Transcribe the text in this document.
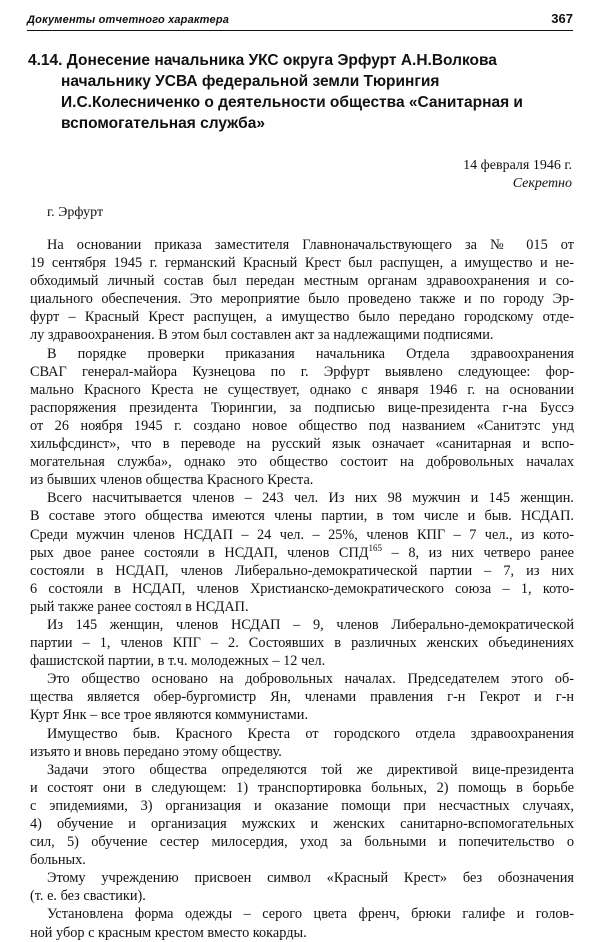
Документы отчетного характера	367
4.14. Донесение начальника УКС округа Эрфурт А.Н.Волкова
начальнику УСВА федеральной земли Тюрингия
И.С.Колесниченко о деятельности общества «Санитарная и
вспомогательная служба»
14 февраля 1946 г.
Секретно
г. Эрфурт
На основании приказа заместителя Главноначальствующего за № 015 от
19 сентября 1945 г. германский Красный Крест был распущен, а имущество и не-
обходимый личный состав был передан местным органам здравоохранения и со-
циального обеспечения. Это мероприятие было проведено также и по городу Эр-
фурт – Красный Крест распущен, а имущество было передано городскому отде-
лу здравоохранения. В этом был составлен акт за надлежащими подписями.
В порядке проверки приказания начальника Отдела здравоохранения
СВАГ генерал-майора Кузнецова по г. Эрфурт выявлено следующее: фор-
мально Красного Креста не существует, однако с января 1946 г. на основании
распоряжения президента Тюрингии, за подписью вице-президента г-на Буссэ
от 26 ноября 1945 г. создано новое общество под названием «Санитэтс унд
хильфсдинст», что в переводе на русский язык означает «санитарная и вспо-
могательная служба», однако это общество состоит на добровольных началах
из бывших членов общества Красного Креста.
Всего насчитывается членов – 243 чел. Из них 98 мужчин и 145 женщин.
В составе этого общества имеются члены партии, в том числе и быв. НСДАП.
Среди мужчин членов НСДАП – 24 чел. – 25%, членов КПГ – 7 чел., из кото-
рых двое ранее состояли в НСДАП, членов СПД$^{165}$ – 8, из них четверо ранее
состояли в НСДАП, членов Либерально-демократической партии – 7, из них
6 состояли в НСДАП, членов Христианско-демократического союза – 1, кото-
рый также ранее состоял в НСДАП.
Из 145 женщин, членов НСДАП – 9, членов Либерально-демократической
партии – 1, членов КПГ – 2. Состоявших в различных женских объединениях
фашистской партии, в т.ч. молодежных – 12 чел.
Это общество основано на добровольных началах. Председателем этого об-
щества является обер-бургомистр Ян, членами правления г-н Гекрот и г-н
Курт Янк – все трое являются коммунистами.
Имущество быв. Красного Креста от городского отдела здравоохранения
изъято и вновь передано этому обществу.
Задачи этого общества определяются той же директивой вице-президента
и состоят они в следующем: 1) транспортировка больных, 2) помощь в борьбе
с эпидемиями, 3) организация и оказание помощи при несчастных случаях,
4) обучение и организация мужских и женских санитарно-вспомогательных
сил, 5) обучение сестер милосердия, уход за больными и попечительство о
больных.
Этому учреждению присвоен символ «Красный Крест» без обозначения
(т. е. без свастики).
Установлена форма одежды – серого цвета френч, брюки галифе и голов-
ной убор с красным крестом вместо кокарды.
